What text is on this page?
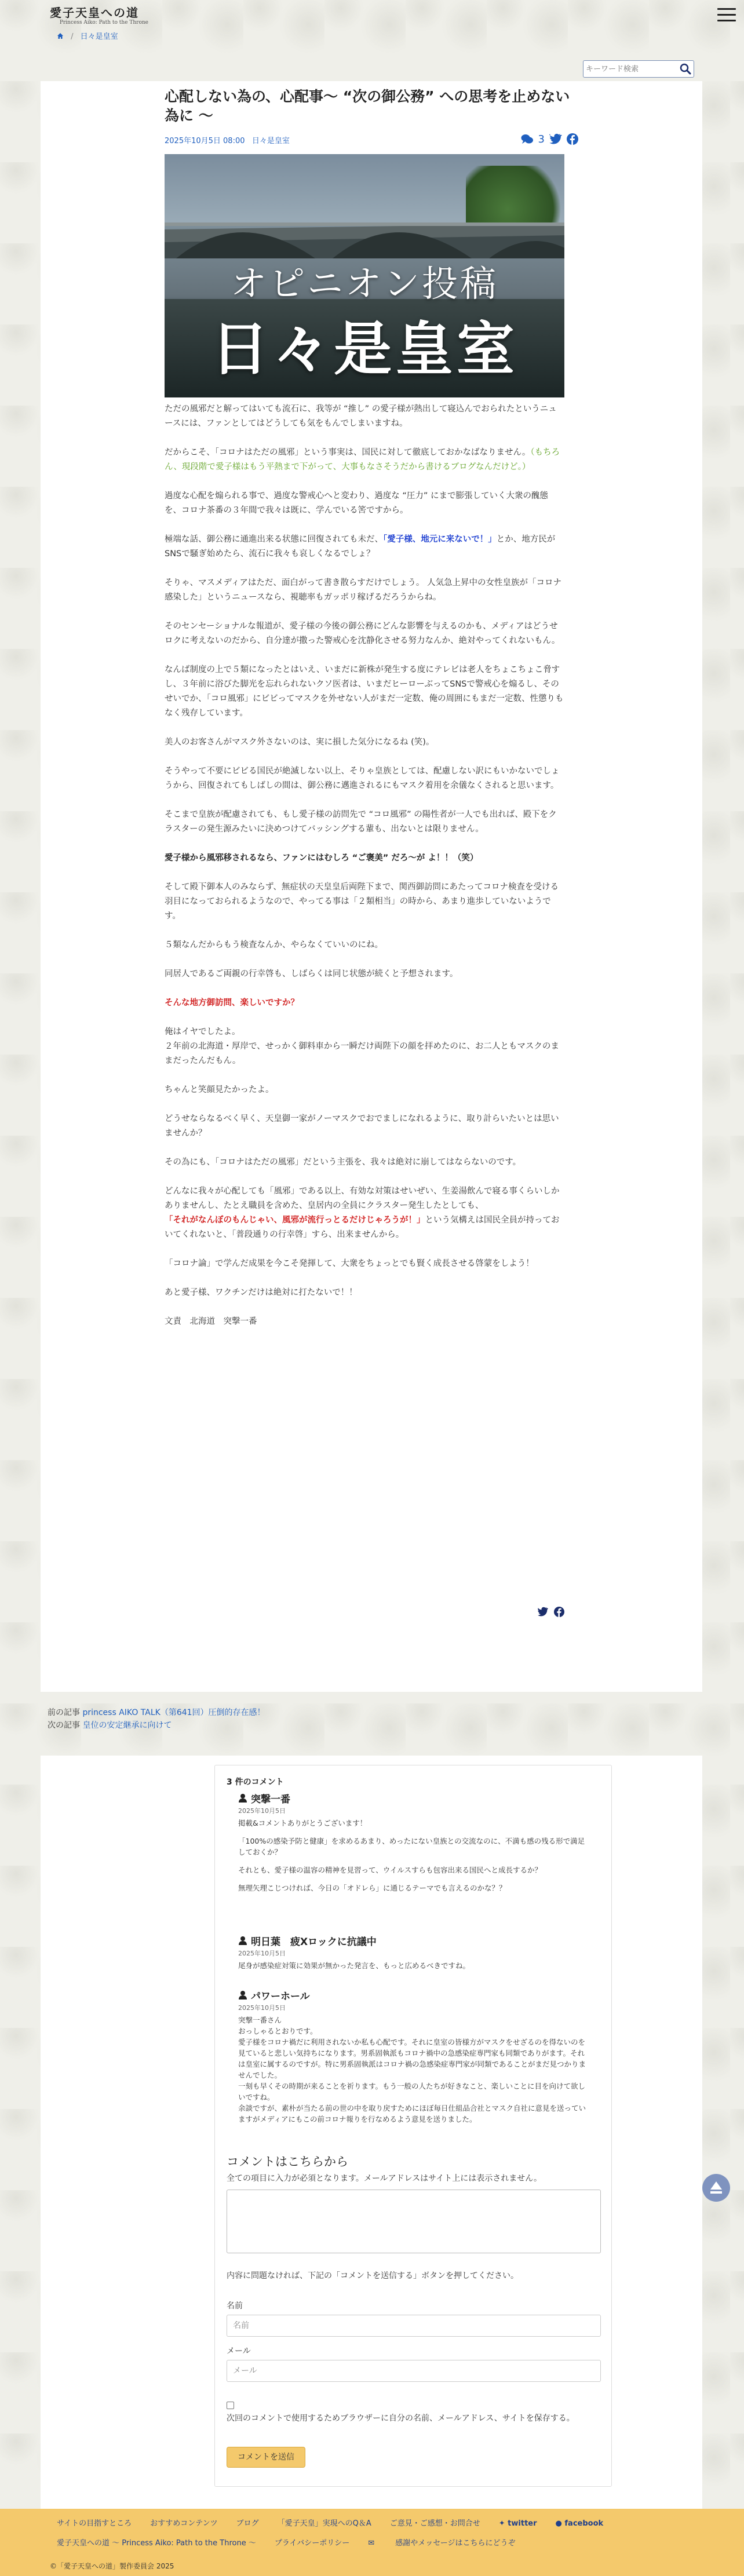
愛子天皇への道
Princess Aiko: Path to the Throne
/ 日々是皇室
キーワード検索
心配しない為の、心配事～ “次の御公務” への思考を止めない為に ～
2025年10月5日 08:00 日々是皇室	3
オピニオン投稿
日々是皇室

ただの風邪だと解ってはいても流石に、我等が “推し” の愛子様が熱出して寝込んでおられたというニュースには、ファンとしてはどうしても気をもんでしまいますね。

だからこそ、「コロナはただの風邪」という事実は、国民に対して徹底しておかなばなりません。（もちろん、現段階で愛子様はもう平熱まで下がって、大事もなさそうだから書けるブログなんだけど。）

過度な心配を煽られる事で、過度な警戒心へと変わり、過度な “圧力” にまで膨張していく大衆の醜態を、コロナ茶番の３年間で我々は既に、学んでいる筈ですから。

極端な話、御公務に通進出来る状態に回復されても未だ、「愛子様、地元に来ないで！」とか、地方民がSNSで騒ぎ始めたら、流石に我々も哀しくなるでしょ？

そりゃ、マスメディアはただ、面白がって書き散らすだけでしょう。 人気急上昇中の女性皇族が「コロナ感染した」というニュースなら、視聴率もガッポリ稼げるだろうからね。

そのセンセーショナルな報道が、愛子様の今後の御公務にどんな影響を与えるのかも、メディアはどうせロクに考えないのだから、自分達が撒った警戒心を沈静化させる努力なんか、絶対やってくれないもん。

なんば制度の上で５類になったとはいえ、いまだに新株が発生する度にテレビは老人をちょこちょこ脅すし、３年前に浴びた脚光を忘れられないクソ医者は、いまだヒーローぶってSNSで警戒心を煽るし、そのせいでか、「コロ風邪」にビビってマスクを外せない人がまだ一定数、俺の周囲にもまだ一定数、性懲りもなく残存しています。

美人のお客さんがマスク外さないのは、実に損した気分になるね (笑)。

そうやって不要にビビる国民が絶滅しない以上、そりゃ皇族としては、配慮しない訳にもいかないでしょうから、回復されてもしばしの間は、御公務に邁進されるにもマスク着用を余儀なくされると思います。

そこまで皇族が配慮されても、もし愛子様の訪問先で “コロ風邪” の陽性者が一人でも出れば、殿下をクラスターの発生源みたいに決めつけてバッシングする輩も、出ないとは限りません。

愛子様から風邪移されるなら、ファンにはむしろ “ご褒美” だろ～が よ！！（笑）

そして殿下御本人のみならず、無症状の天皇皇后両陛下まで、関西御訪問にあたってコロナ検査を受ける羽目になっておられるようなので、やってる事は「２類相当」の時から、あまり進歩していないようです。

５類なんだからもう検査なんか、やらなくていいのにね。

同居人であるご両親の行幸啓も、しばらくは同じ状態が続くと予想されます。

そんな地方御訪問、楽しいですか？

俺はイヤでしたよ。
２年前の北海道・厚岸で、せっかく御料車から一瞬だけ両陛下の顔を拝めたのに、お二人ともマスクのままだったんだもん。

ちゃんと笑顔見たかったよ。

どうせならなるべく早く、天皇御一家がノーマスクでおでましになれるように、取り計らいたいとは思いませんか？

その為にも、「コロナはただの風邪」だという主張を、我々は絶対に崩してはならないのです。

どんなに我々が心配しても「風邪」である以上、有効な対策はせいぜい、生姜湯飲んで寝る事くらいしかありませんし、たとえ職員を含めた、皇居内の全員にクラスター発生したとしても、
「それがなんぼのもんじゃい、風邪が流行っとるだけじゃろうが！」という気構えは国民全員が持っておいてくれないと、「普段通りの行幸啓」すら、出来ませんから。

「コロナ論」で学んだ成果を今こそ発揮して、大衆をちょっとでも賢く成長させる啓蒙をしよう！

あと愛子様、ワクチンだけは絶対に打たないで！！

文責　北海道　突撃一番

前の記事 princess AIKO TALK（第641回）圧倒的存在感！
次の記事 皇位の安定継承に向けて
3 件のコメント
突撃一番
2025年10月5日

掲載&コメントありがとうございます！

「100%の感染予防と健康」を求めるあまり、めったにない皇族との交流なのに、不満も感の残る形で満足しておくか？

それとも、愛子様の温容の精神を見習って、ウイルスすらも包容出来る国民へと成長するか？

無理矢理こじつければ、今日の「オドレら」に通じるテーマでも言えるのかな？？

明日葉　疲Xロックに抗議中
2025年10月5日

尾身が感染症対策に効果が無かった発言を、もっと広めるべきですね。

パワーホール
2025年10月5日
突撃一番さん
おっしゃるとおりです。
愛子様をコロナ禍だに利用されないか私も心配です。それに皇室の皆様方がマスクをせざるのを得ないのを見ていると悲しい気持ちになります。男系固執派もコロナ禍中の急感染症専門家も同類でありがます。それは皇室に属するのですが。特に男系固執派はコロナ禍の急感染症専門家が同類であることがまだ見つかりませんでした。
一刻も早くその時期が来ることを祈ります。もう一般の人たちが好きなこと、楽しいことに目を向けて欲しいですね。
余談ですが、素朴が当たる前の世の中を取り戻すためにほぼ毎日仕組品合社とマスク自社に意見を送っていますがメディアにもこの前コロナ報りを行なめるよう意見を送りました。
コメントはこちらから
全ての項目に入力が必須となります。メールアドレスはサイト上には表示されません。
内容に問題なければ、下記の「コメントを送信する」ボタンを押してください。
名前
名前
メール
メール
次回のコメントで使用するためブラウザーに自分の名前、メールアドレス、サイトを保存する。
コメントを送信
サイトの目指すところ おすすめコンテンツ ブログ 「愛子天皇」実現へのQ＆A ご意見・ご感想・お問合せ ✦ twitter ● facebook
愛子天皇への道 ～ Princess Aiko: Path to the Throne ～ プライバシーポリシー ✉ 感謝やメッセージはこちらにどうぞ
©「愛子天皇への道」製作委員会 2025
